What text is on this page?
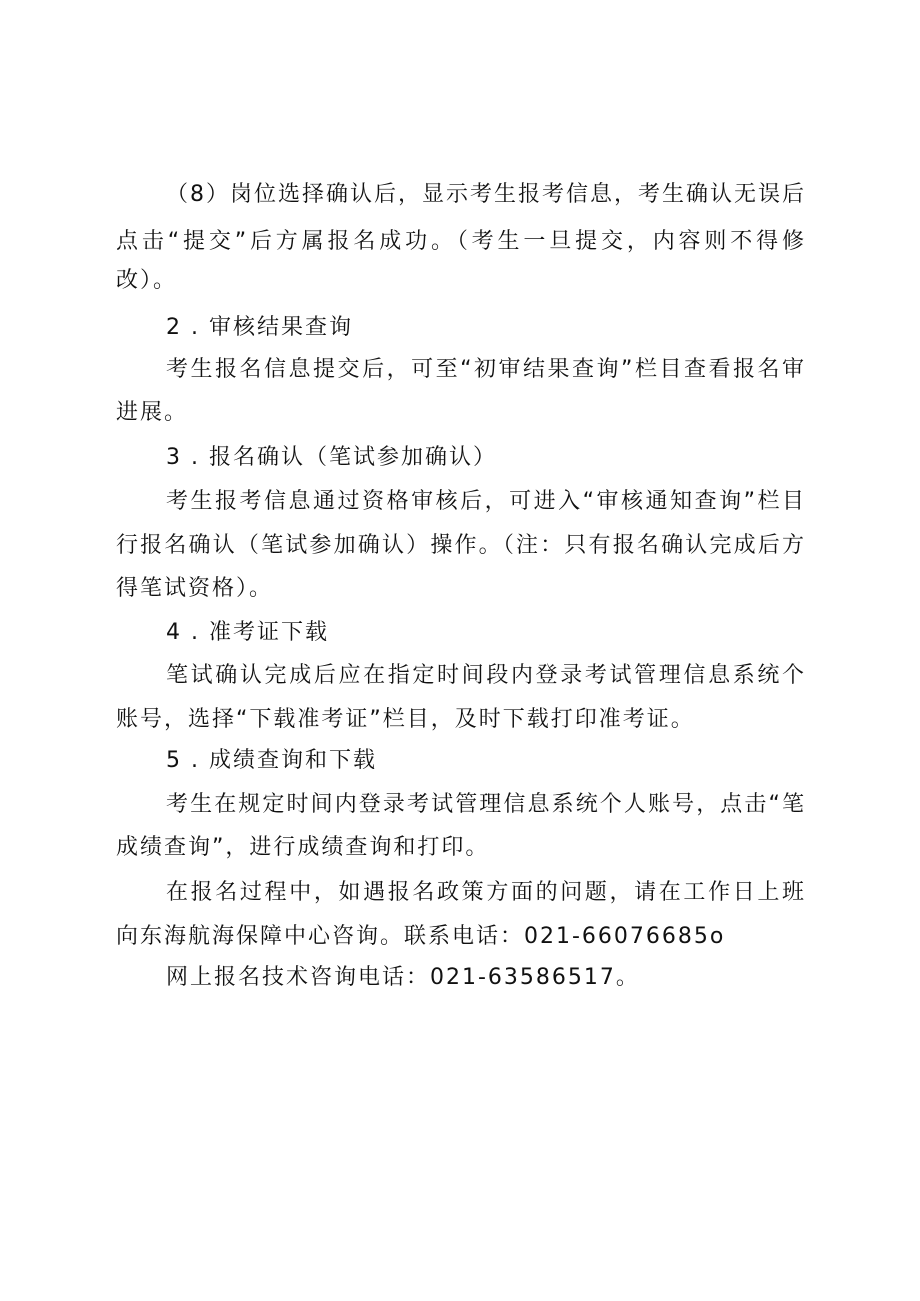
（8）岗位选择确认后，显示考生报考信息，考生确认无误后
点击“提交”后方属报名成功。（考生一旦提交，内容则不得修
改）。
2 . 审核结果查询
考生报名信息提交后，可至“初审结果查询”栏目查看报名审
进展。
3 . 报名确认（笔试参加确认）
考生报考信息通过资格审核后，可进入“审核通知查询”栏目
行报名确认（笔试参加确认）操作。（注：只有报名确认完成后方
得笔试资格）。
4 . 准考证下载
笔试确认完成后应在指定时间段内登录考试管理信息系统个
账号，选择“下载准考证”栏目，及时下载打印准考证。
5 . 成绩查询和下载
考生在规定时间内登录考试管理信息系统个人账号，点击“笔
成绩查询”，进行成绩查询和打印。
在报名过程中，如遇报名政策方面的问题，请在工作日上班
向东海航海保障中心咨询。联系电话：021-66076685o
网上报名技术咨询电话：021-63586517。
